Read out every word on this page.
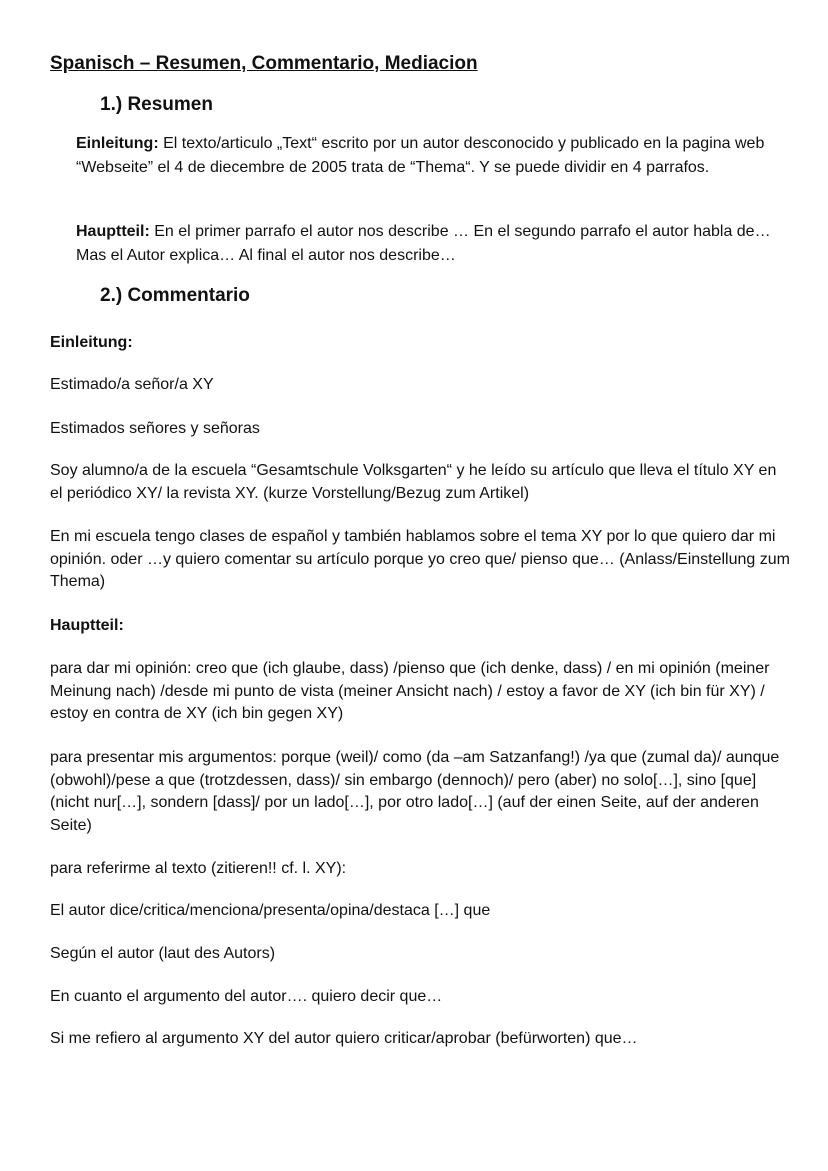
Spanisch – Resumen, Commentario, Mediacion
1.) Resumen

Einleitung: El texto/articulo „Text“ escrito por un autor desconocido y publicado en la pagina web “Webseite” el 4 de diecembre de 2005 trata de “Thema“. Y se puede dividir en 4 parrafos.

Hauptteil: En el primer parrafo el autor nos describe … En el segundo parrafo el autor habla de… Mas el Autor explica… Al final el autor nos describe…

2.) Commentario

Einleitung:

Estimado/a señor/a XY

Estimados señores y señoras

Soy alumno/a de la escuela “Gesamtschule Volksgarten“ y he leído su artículo que lleva el título XY en el periódico XY/ la revista XY. (kurze Vorstellung/Bezug zum Artikel)

En mi escuela tengo clases de español y también hablamos sobre el tema XY por lo que quiero dar mi opinión. oder …y quiero comentar su artículo porque yo creo que/ pienso que… (Anlass/Einstellung zum Thema)

Hauptteil:

para dar mi opinión: creo que (ich glaube, dass) /pienso que (ich denke, dass) / en mi opinión (meiner Meinung nach) /desde mi punto de vista (meiner Ansicht nach) / estoy a favor de XY (ich bin für XY) / estoy en contra de XY (ich bin gegen XY)

para presentar mis argumentos: porque (weil)/ como (da –am Satzanfang!) /ya que (zumal da)/ aunque (obwohl)/pese a que (trotzdessen, dass)/ sin embargo (dennoch)/ pero (aber) no solo[…], sino [que] (nicht nur[…], sondern [dass]/ por un lado[…], por otro lado[…] (auf der einen Seite, auf der anderen Seite)

para referirme al texto (zitieren!! cf. l. XY):

El autor dice/critica/menciona/presenta/opina/destaca […] que

Según el autor (laut des Autors)

En cuanto el argumento del autor…. quiero decir que…

Si me refiero al argumento XY del autor quiero criticar/aprobar (befürworten) que…
